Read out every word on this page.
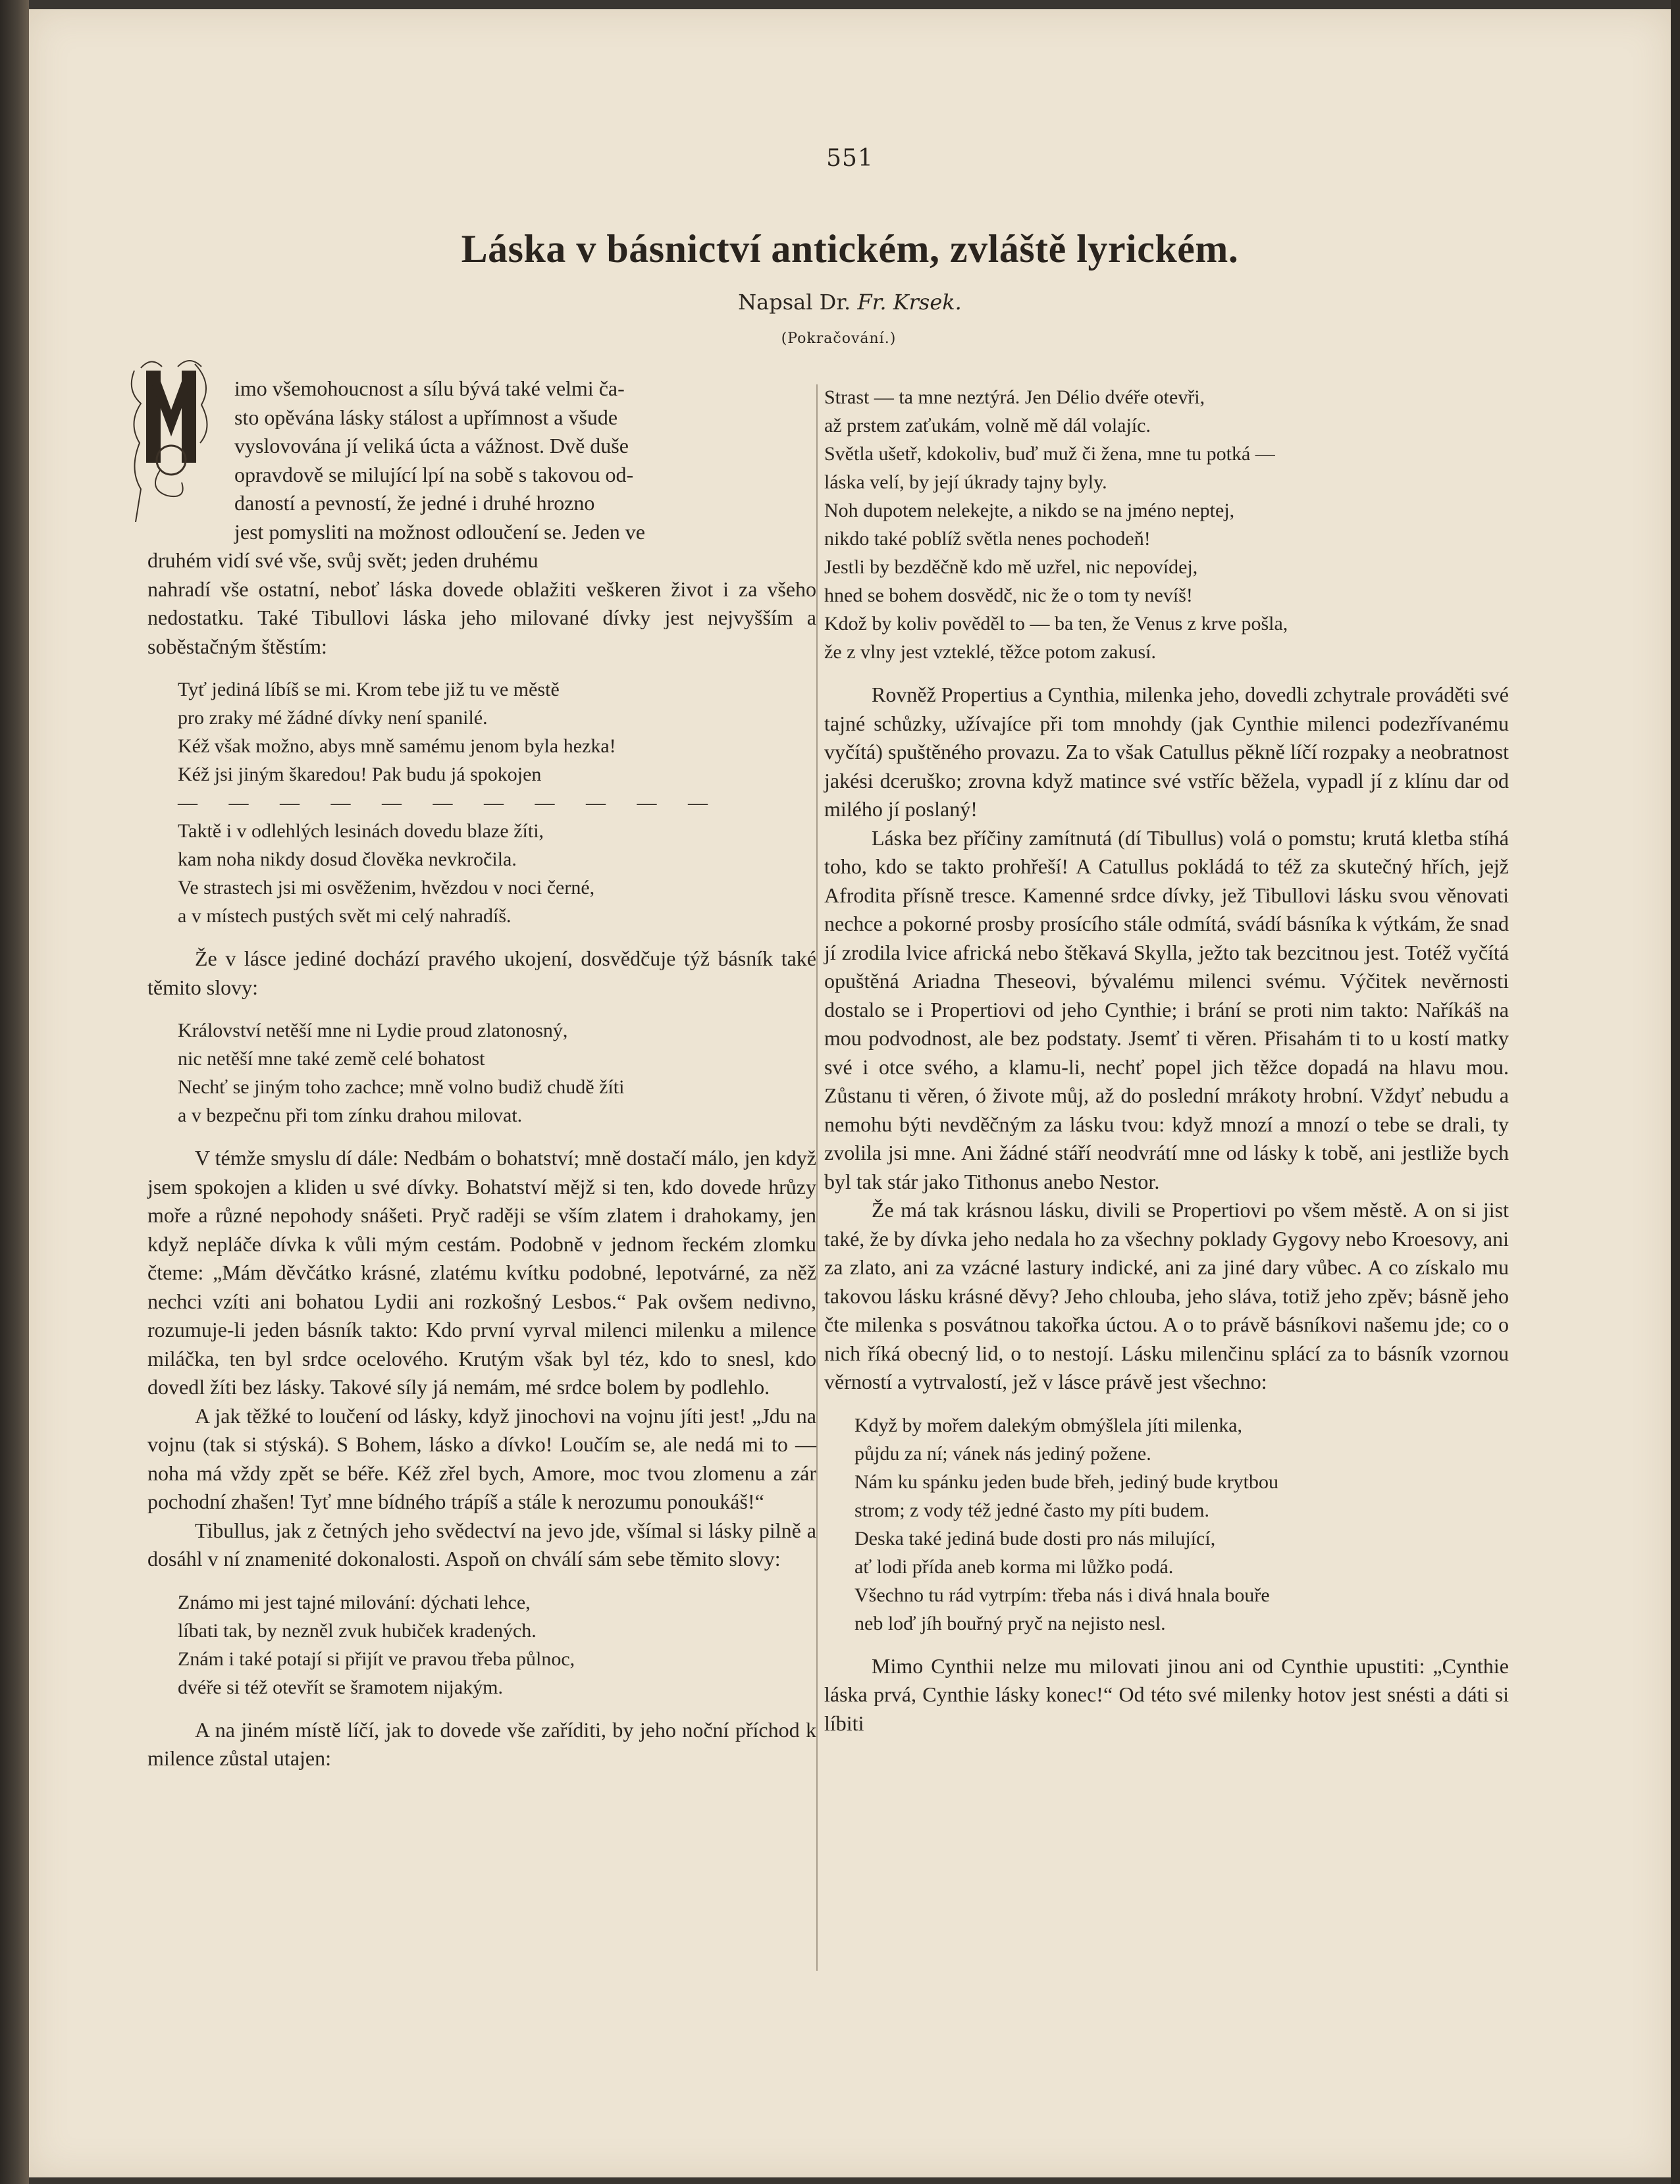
551
Láska v básnictví antickém, zvláště lyrickém.
Napsal Dr. Fr. Krsek.
(Pokračování.)
imo všemohoucnost a sílu bývá také velmi ča-
sto opěvána lásky stálost a upřímnost a všude
vyslovována jí veliká úcta a vážnost. Dvě duše
opravdově se milující lpí na sobě s takovou od-
daností a pevností, že jedné i druhé hrozno
jest pomysliti na možnost odloučení se. Jeden ve
druhém vidí své vše, svůj svět; jeden druhému

nahradí vše ostatní, neboť láska dovede oblažiti veškeren život i za všeho nedostatku. Také Tibullovi láska jeho milované dívky jest nejvyšším a soběstačným štěstím:

Tyť jediná líbíš se mi. Krom tebe již tu ve městě
pro zraky mé žádné dívky není spanilé.
Kéž však možno, abys mně samému jenom byla hezka!
Kéž jsi jiným škaredou! Pak budu já spokojen
— — — — — — — — — — —
Taktě i v odlehlých lesinách dovedu blaze žíti,
kam noha nikdy dosud člověka nevkročila.
Ve strastech jsi mi osvěženim, hvězdou v noci černé,
a v místech pustých svět mi celý nahradíš.

Že v lásce jediné dochází pravého ukojení, dosvědčuje týž básník také těmito slovy:

Království netěší mne ni Lydie proud zlatonosný,
nic netěší mne také země celé bohatost
Nechť se jiným toho zachce; mně volno budiž chudě žíti
a v bezpečnu při tom zínku drahou milovat.

V témže smyslu dí dále: Nedbám o bohatství; mně dostačí málo, jen když jsem spokojen a kliden u své dívky. Bohatství mějž si ten, kdo dovede hrůzy moře a různé nepohody snášeti. Pryč raději se vším zlatem i drahokamy, jen když nepláče dívka k vůli mým cestám. Podobně v jednom řeckém zlomku čteme: „Mám děvčátko krásné, zlatému kvítku podobné, lepotvárné, za něž nechci vzíti ani bohatou Lydii ani rozkošný Lesbos.“ Pak ovšem nedivno, rozumuje-li jeden básník takto: Kdo první vyrval milenci milenku a milence miláčka, ten byl srdce ocelového. Krutým však byl téz, kdo to snesl, kdo dovedl žíti bez lásky. Takové síly já nemám, mé srdce bolem by podlehlo.

A jak těžké to loučení od lásky, když jinochovi na vojnu jíti jest! „Jdu na vojnu (tak si stýská). S Bohem, lásko a dívko! Loučím se, ale nedá mi to — noha má vždy zpět se béře. Kéž zřel bych, Amore, moc tvou zlomenu a zár pochodní zhašen! Tyť mne bídného trápíš a stále k nerozumu ponoukáš!“

Tibullus, jak z četných jeho svědectví na jevo jde, všímal si lásky pilně a dosáhl v ní znamenité dokonalosti. Aspoň on chválí sám sebe těmito slovy:

Známo mi jest tajné milování: dýchati lehce,
líbati tak, by nezněl zvuk hubiček kradených.
Znám i také potají si přijít ve pravou třeba půlnoc,
dvéře si též otevřít se šramotem nijakým.

A na jiném místě líčí, jak to dovede vše zaříditi, by jeho noční příchod k milence zůstal utajen:

Strast — ta mne neztýrá. Jen Délio dvéře otevři,
až prstem zaťukám, volně mě dál volajíc.
Světla ušetř, kdokoliv, buď muž či žena, mne tu potká —
láska velí, by její úkrady tajny byly.
Noh dupotem nelekejte, a nikdo se na jméno neptej,
nikdo také poblíž světla nenes pochodeň!
Jestli by bezděčně kdo mě uzřel, nic nepovídej,
hned se bohem dosvědč, nic že o tom ty nevíš!
Kdož by koliv pověděl to — ba ten, že Venus z krve pošla,
že z vlny jest vzteklé, těžce potom zakusí.

Rovněž Propertius a Cynthia, milenka jeho, dovedli zchytrale prováděti své tajné schůzky, užívajíce při tom mnohdy (jak Cynthie milenci podezřívanému vyčítá) spuštěného provazu. Za to však Catullus pěkně líčí rozpaky a neobratnost jakési dceruško; zrovna když matince své vstříc běžela, vypadl jí z klínu dar od milého jí poslaný!

Láska bez příčiny zamítnutá (dí Tibullus) volá o pomstu; krutá kletba stíhá toho, kdo se takto prohřeší! A Catullus pokládá to též za skutečný hřích, jejž Afrodita přísně tresce. Kamenné srdce dívky, jež Tibullovi lásku svou věnovati nechce a pokorné prosby prosícího stále odmítá, svádí básníka k výtkám, že snad jí zrodila lvice africká nebo štěkavá Skylla, ježto tak bezcitnou jest. Totéž vyčítá opuštěná Ariadna Theseovi, bývalému milenci svému. Výčitek nevěrnosti dostalo se i Propertiovi od jeho Cynthie; i brání se proti nim takto: Naříkáš na mou podvodnost, ale bez podstaty. Jsemť ti věren. Přisahám ti to u kostí matky své i otce svého, a klamu-li, nechť popel jich těžce dopadá na hlavu mou. Zůstanu ti věren, ó živote můj, až do poslední mrákoty hrobní. Vždyť nebudu a nemohu býti nevděčným za lásku tvou: když mnozí a mnozí o tebe se drali, ty zvolila jsi mne. Ani žádné stáří neodvrátí mne od lásky k tobě, ani jestliže bych byl tak stár jako Tithonus anebo Nestor.

Že má tak krásnou lásku, divili se Propertiovi po všem městě. A on si jist také, že by dívka jeho nedala ho za všechny poklady Gygovy nebo Kroesovy, ani za zlato, ani za vzácné lastury indické, ani za jiné dary vůbec. A co získalo mu takovou lásku krásné děvy? Jeho chlouba, jeho sláva, totiž jeho zpěv; básně jeho čte milenka s posvátnou takořka úctou. A o to právě básníkovi našemu jde; co o nich říká obecný lid, o to nestojí. Lásku milenčinu splácí za to básník vzornou věrností a vytrvalostí, jež v lásce právě jest všechno:

Když by mořem dalekým obmýšlela jíti milenka,
půjdu za ní; vánek nás jediný požene.
Nám ku spánku jeden bude břeh, jediný bude krytbou
strom; z vody též jedné často my píti budem.
Deska také jediná bude dosti pro nás milující,
ať lodi přída aneb korma mi lůžko podá.
Všechno tu rád vytrpím: třeba nás i divá hnala bouře
neb loď jíh bouřný pryč na nejisto nesl.

Mimo Cynthii nelze mu milovati jinou ani od Cynthie upustiti: „Cynthie láska prvá, Cynthie lásky konec!“ Od této své milenky hotov jest snésti a dáti si líbiti
